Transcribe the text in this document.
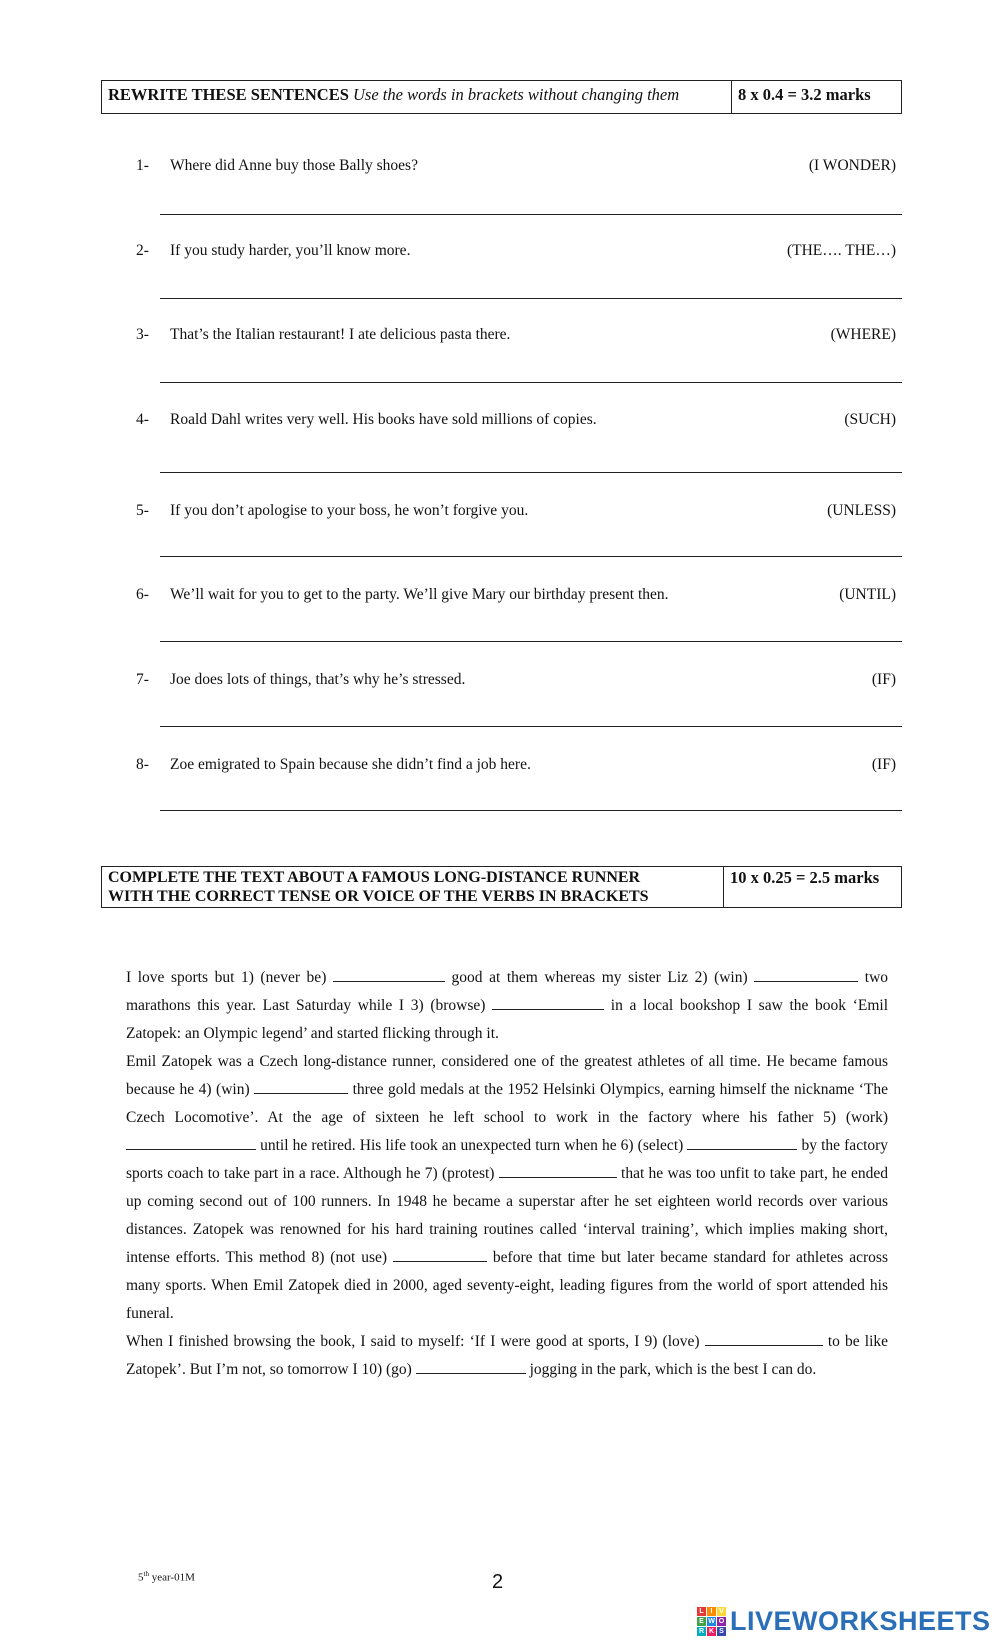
REWRITE THESE SENTENCES Use the words in brackets without changing them	8 x 0.4 = 3.2 marks
1- Where did Anne buy those Bally shoes?	(I WONDER)
2- If you study harder, you’ll know more.	(THE…. THE…)
3- That’s the Italian restaurant! I ate delicious pasta there.	(WHERE)
4- Roald Dahl writes very well. His books have sold millions of copies.	(SUCH)
5- If you don’t apologise to your boss, he won’t forgive you.	(UNLESS)
6- We’ll wait for you to get to the party. We’ll give Mary our birthday present then.	(UNTIL)
7- Joe does lots of things, that’s why he’s stressed.	(IF)
8- Zoe emigrated to Spain because she didn’t find a job here.	(IF)
COMPLETE THE TEXT ABOUT A FAMOUS LONG-DISTANCE RUNNER
WITH THE CORRECT TENSE OR VOICE OF THE VERBS IN BRACKETS
10 x 0.25 = 2.5 marks

I love sports but 1) (never be)	good at them whereas my sister Liz 2) (win)	two marathons this year. Last Saturday while I 3) (browse)	in a local bookshop I saw the book ‘Emil Zatopek: an Olympic legend’ and started flicking through it.

Emil Zatopek was a Czech long-distance runner, considered one of the greatest athletes of all time. He became famous because he 4) (win)	three gold medals at the 1952 Helsinki Olympics, earning himself the nickname ‘The Czech Locomotive’. At the age of sixteen he left school to work in the factory where his father 5) (work)  until he retired. His life took an unexpected turn when he 6) (select)	by the factory sports coach to take part in a race. Although he 7) (protest)	that he was too unfit to take part, he ended up coming second out of 100 runners. In 1948 he became a superstar after he set eighteen world records over various distances. Zatopek was renowned for his hard training routines called ‘interval training’, which implies making short, intense efforts. This method 8) (not use)	before that time but later became standard for athletes across many sports. When Emil Zatopek died in 2000, aged seventy-eight, leading figures from the world of sport attended his funeral.

When I finished browsing the book, I said to myself: ‘If I were good at sports, I 9) (love)	to be like Zatopek’. But I’m not, so tomorrow I 10) (go)	jogging in the park, which is the best I can do.

5th year-01M	2
L I V
E W O
R K S LIVEWORKSHEETS
